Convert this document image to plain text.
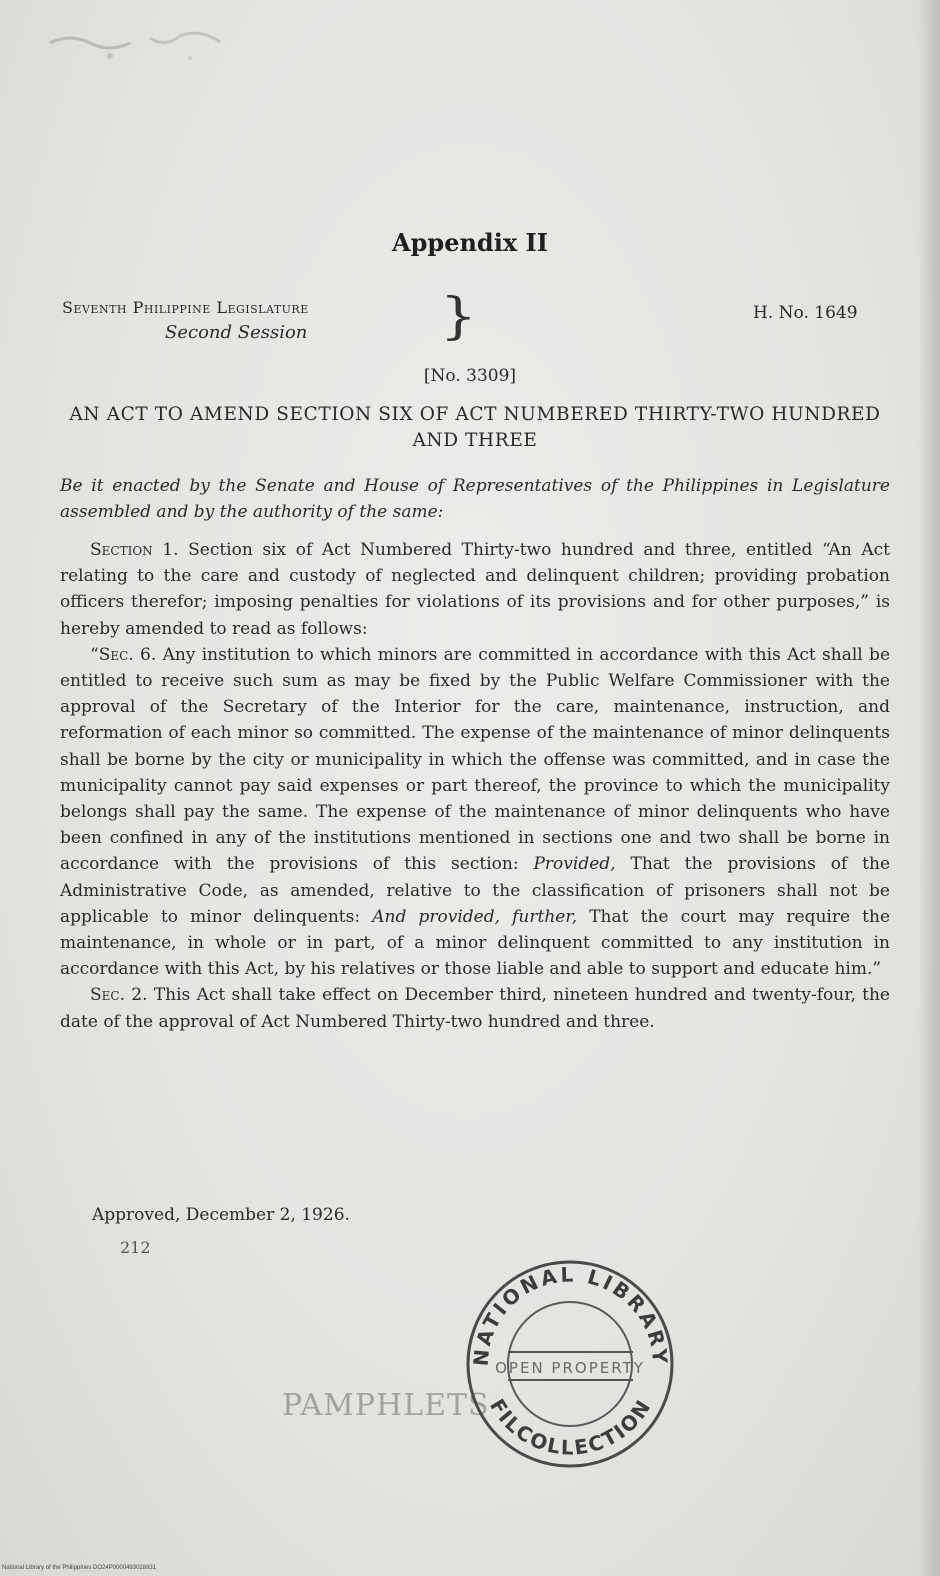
Appendix II
Seventh Philippine Legislature
Second Session }	H. No. 1649
[No. 3309]
AN ACT TO AMEND SECTION SIX OF ACT NUMBERED THIRTY-TWO HUNDRED AND THREE
Be it enacted by the Senate and House of Representatives of the Philippines in Legislature assembled and by the authority of the same:

Section 1. Section six of Act Numbered Thirty-two hundred and three, entitled “An Act relating to the care and custody of neglected and delinquent children; providing probation officers therefor; imposing penalties for violations of its provisions and for other purposes,” is hereby amended to read as follows:

“Sec. 6. Any institution to which minors are committed in accordance with this Act shall be entitled to receive such sum as may be fixed by the Public Welfare Commissioner with the approval of the Secretary of the Interior for the care, maintenance, instruction, and reformation of each minor so committed. The expense of the maintenance of minor delinquents shall be borne by the city or municipality in which the offense was committed, and in case the municipality cannot pay said expenses or part thereof, the province to which the municipality belongs shall pay the same. The expense of the maintenance of minor delinquents who have been confined in any of the institutions mentioned in sections one and two shall be borne in accordance with the provisions of this section: Provided, That the provisions of the Administrative Code, as amended, relative to the classification of prisoners shall not be applicable to minor delinquents: And provided, further, That the court may require the maintenance, in whole or in part, of a minor delinquent committed to any institution in accordance with this Act, by his relatives or those liable and able to support and educate him.”

Sec. 2. This Act shall take effect on December third, nineteen hundred and twenty-four, the date of the approval of Act Numbered Thirty-two hundred and three.

Approved, December 2, 1926.
212
PAMPHLETS
NATIONAL LIBRARY
OPEN PROPERTY
FILCOLLECTION
National Library of the Philippines DO24P0000493028931
